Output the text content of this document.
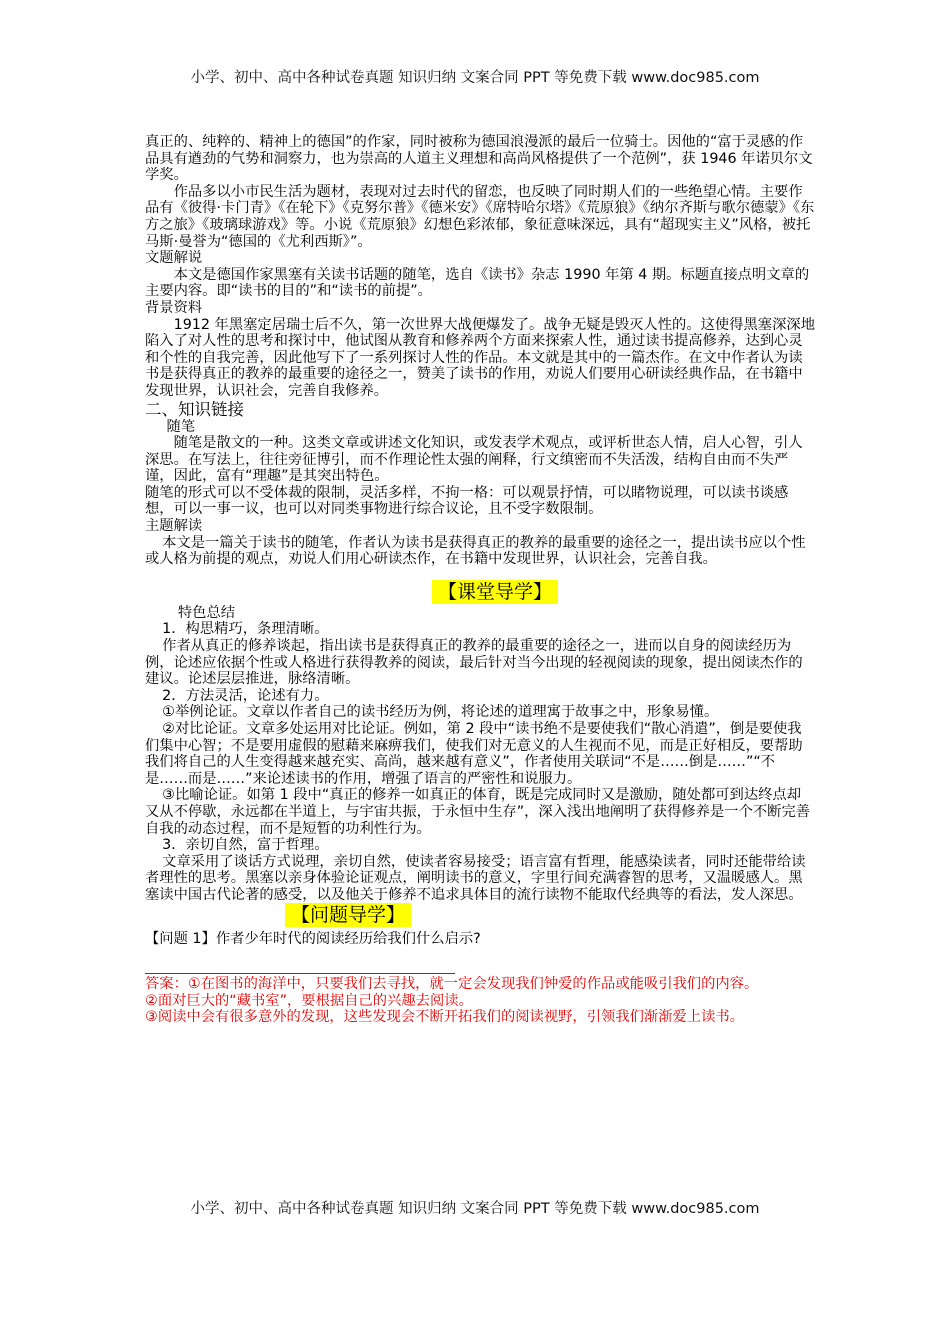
小学、初中、高中各种试卷真题 知识归纳 文案合同 PPT 等免费下载 www.doc985.com

真正的、纯粹的、精神上的德国”的作家，同时被称为德国浪漫派的最后一位骑士。因他的“富于灵感的作品具有遒劲的气势和洞察力，也为崇高的人道主义理想和高尚风格提供了一个范例”，获 1946 年诺贝尔文学奖。

作品多以小市民生活为题材，表现对过去时代的留恋，也反映了同时期人们的一些绝望心情。主要作品有《彼得·卡门青》《在轮下》《克努尔普》《德米安》《席特哈尔塔》《荒原狼》《纳尔齐斯与歌尔德蒙》《东方之旅》《玻璃球游戏》等。小说《荒原狼》幻想色彩浓郁，象征意味深远，具有“超现实主义”风格，被托马斯·曼誉为“德国的《尤利西斯》”。

文题解说

本文是德国作家黑塞有关读书话题的随笔，选自《读书》杂志 1990 年第 4 期。标题直接点明文章的主要内容。即“读书的目的”和“读书的前提”。

背景资料

1912 年黑塞定居瑞士后不久，第一次世界大战便爆发了。战争无疑是毁灭人性的。这使得黑塞深深地陷入了对人性的思考和探讨中，他试图从教育和修养两个方面来探索人性，通过读书提高修养，达到心灵和个性的自我完善，因此他写下了一系列探讨人性的作品。本文就是其中的一篇杰作。在文中作者认为读书是获得真正的教养的最重要的途径之一，赞美了读书的作用，劝说人们要用心研读经典作品，在书籍中发现世界，认识社会，完善自我修养。

二、知识链接

随笔

随笔是散文的一种。这类文章或讲述文化知识，或发表学术观点，或评析世态人情，启人心智，引人深思。在写法上，往往旁征博引，而不作理论性太强的阐释，行文缜密而不失活泼，结构自由而不失严谨，因此，富有“理趣”是其突出特色。

随笔的形式可以不受体裁的限制，灵活多样，不拘一格：可以观景抒情，可以睹物说理，可以读书谈感想，可以一事一议，也可以对同类事物进行综合议论，且不受字数限制。

主题解读

本文是一篇关于读书的随笔，作者认为读书是获得真正的教养的最重要的途径之一，提出读书应以个性或人格为前提的观点，劝说人们用心研读杰作，在书籍中发现世界，认识社会，完善自我。

【课堂导学】

特色总结

1．构思精巧，条理清晰。

作者从真正的修养谈起，指出读书是获得真正的教养的最重要的途径之一，进而以自身的阅读经历为例，论述应依据个性或人格进行获得教养的阅读，最后针对当今出现的轻视阅读的现象，提出阅读杰作的建议。论述层层推进，脉络清晰。

2．方法灵活，论述有力。

①举例论证。文章以作者自己的读书经历为例，将论述的道理寓于故事之中，形象易懂。

②对比论证。文章多处运用对比论证。例如，第 2 段中“读书绝不是要使我们“散心消遣”，倒是要使我们集中心智；不是要用虚假的慰藉来麻痹我们，使我们对无意义的人生视而不见，而是正好相反，要帮助我们将自己的人生变得越来越充实、高尚，越来越有意义”，作者使用关联词“不是……倒是……”“不是……而是……”来论述读书的作用，增强了语言的严密性和说服力。

③比喻论证。如第 1 段中“真正的修养一如真正的体育，既是完成同时又是激励，随处都可到达终点却又从不停歇，永远都在半道上，与宇宙共振，于永恒中生存”，深入浅出地阐明了获得修养是一个不断完善自我的动态过程，而不是短暂的功利性行为。

3．亲切自然，富于哲理。

文章采用了谈话方式说理，亲切自然，使读者容易接受；语言富有哲理，能感染读者，同时还能带给读者理性的思考。黑塞以亲身体验论证观点，阐明读书的意义，字里行间充满睿智的思考，又温暖感人。黑塞读中国古代论著的感受，以及他关于修养不追求具体目的流行读物不能取代经典等的看法，发人深思。

【问题导学】

【问题 1】作者少年时代的阅读经历给我们什么启示?

答案：①在图书的海洋中，只要我们去寻找，就一定会发现我们钟爱的作品或能吸引我们的内容。

②面对巨大的“藏书室”，要根据自己的兴趣去阅读。

③阅读中会有很多意外的发现，这些发现会不断开拓我们的阅读视野，引领我们渐渐爱上读书。

小学、初中、高中各种试卷真题 知识归纳 文案合同 PPT 等免费下载 www.doc985.com
